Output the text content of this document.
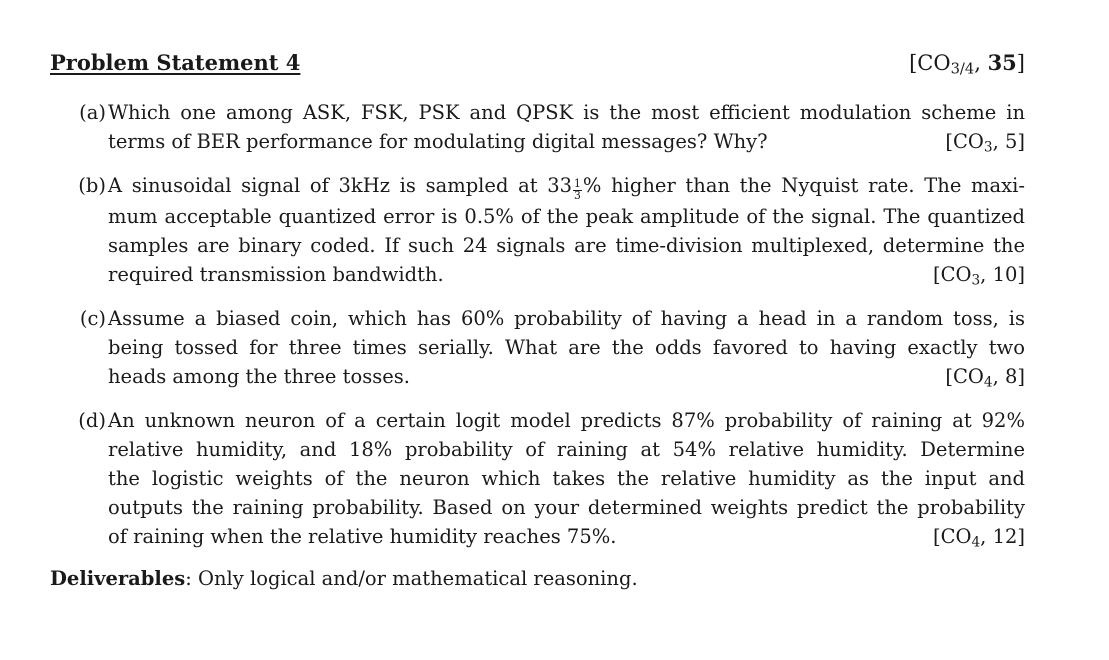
Problem Statement 4	[$CO_{3/4}$, 35]
(a) Which one among ASK, FSK, PSK and QPSK is the most efficient modulation scheme in
terms of BER performance for modulating digital messages? Why?	[$CO_3$, 5]
(b) A sinusoidal signal of 3kHz is sampled at $33 \frac{1}{3}$ % higher than the Nyquist rate. The maxi-
mum acceptable quantized error is 0.5% of the peak amplitude of the signal. The quantized
samples are binary coded. If such 24 signals are time-division multiplexed, determine the
required transmission bandwidth.	[$CO_3$, 10]
(c) Assume a biased coin, which has 60% probability of having a head in a random toss, is
being tossed for three times serially. What are the odds favored to having exactly two
heads among the three tosses.	[$CO_4$, 8]
(d) An unknown neuron of a certain logit model predicts 87% probability of raining at 92%
relative humidity, and 18% probability of raining at 54% relative humidity. Determine
the logistic weights of the neuron which takes the relative humidity as the input and
outputs the raining probability. Based on your determined weights predict the probability
of raining when the relative humidity reaches 75%.	[$CO_4$, 12]
Deliverables: Only logical and/or mathematical reasoning.
